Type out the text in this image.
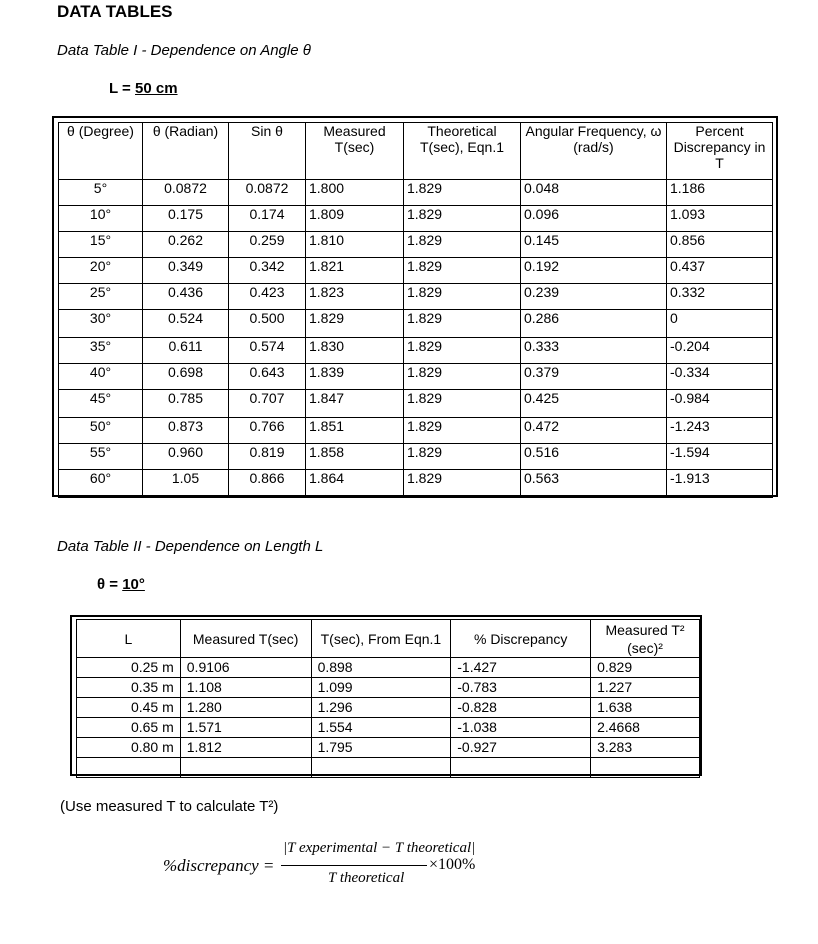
DATA TABLES
Data Table I - Dependence on Angle θ
L = 50 cm
θ (Degree)	θ (Radian)	Sin θ	Measured T(sec)	Theoretical T(sec), Eqn.1	Angular Frequency, ω (rad/s)	Percent Discrepancy in T
5°	0.0872	0.0872	1.800	1.829	0.048	1.186
10°	0.175	0.174	1.809	1.829	0.096	1.093
15°	0.262	0.259	1.810	1.829	0.145	0.856
20°	0.349	0.342	1.821	1.829	0.192	0.437
25°	0.436	0.423	1.823	1.829	0.239	0.332
30°	0.524	0.500	1.829	1.829	0.286	0
35°	0.611	0.574	1.830	1.829	0.333	-0.204
40°	0.698	0.643	1.839	1.829	0.379	-0.334
45°	0.785	0.707	1.847	1.829	0.425	-0.984
50°	0.873	0.766	1.851	1.829	0.472	-1.243
55°	0.960	0.819	1.858	1.829	0.516	-1.594
60°	1.05	0.866	1.864	1.829	0.563	-1.913
Data Table II - Dependence on Length L
θ = 10°
L	Measured T(sec)	T(sec), From Eqn.1	% Discrepancy	Measured T² (sec)²
0.25 m	0.9106	0.898	-1.427	0.829
0.35 m	1.108	1.099	-0.783	1.227
0.45 m	1.280	1.296	-0.828	1.638
0.65 m	1.571	1.554	-1.038	2.4668
0.80 m	1.812	1.795	-0.927	3.283

(Use measured T to calculate T²)
%discrepancy =
|T experimental − T theoretical|
T theoretical
×100%
